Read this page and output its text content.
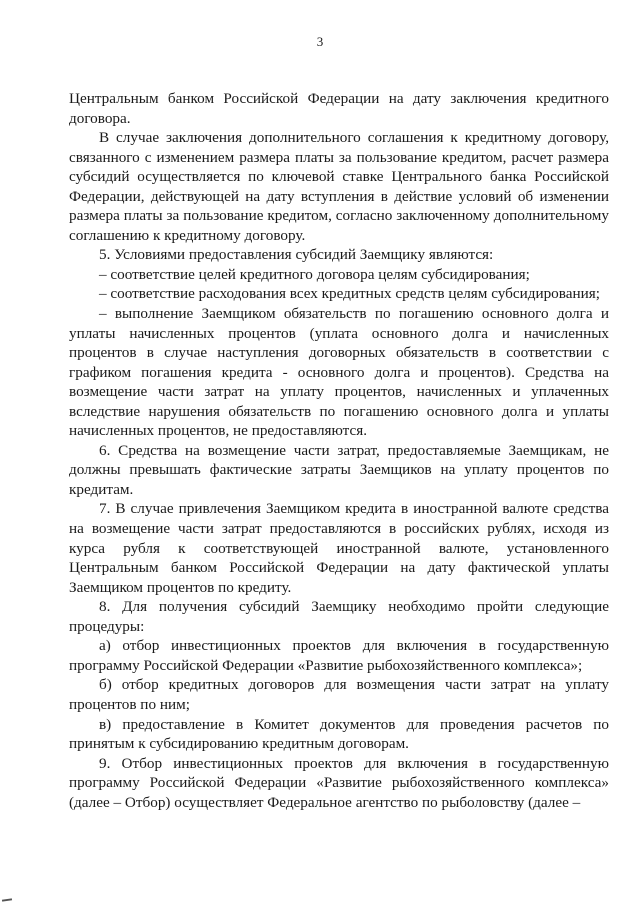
3

Центральным банком Российской Федерации на дату заключения кредитного договора.

В случае заключения дополнительного соглашения к кредитному договору, связанного с изменением размера платы за пользование кредитом, расчет размера субсидий осуществляется по ключевой ставке Центрального банка Российской Федерации, действующей на дату вступления в действие условий об изменении размера платы за пользование кредитом, согласно заключенному дополнительному соглашению к кредитному договору.

5. Условиями предоставления субсидий Заемщику являются:

– соответствие целей кредитного договора целям субсидирования;

– соответствие расходования всех кредитных средств целям субсидирования;

– выполнение Заемщиком обязательств по погашению основного долга и уплаты начисленных процентов (уплата основного долга и начисленных процентов в случае наступления договорных обязательств в соответствии с графиком погашения кредита - основного долга и процентов). Средства на возмещение части затрат на уплату процентов, начисленных и уплаченных вследствие нарушения обязательств по погашению основного долга и уплаты начисленных процентов, не предоставляются.

6. Средства на возмещение части затрат, предоставляемые Заемщикам, не должны превышать фактические затраты Заемщиков на уплату процентов по кредитам.

7. В случае привлечения Заемщиком кредита в иностранной валюте средства на возмещение части затрат предоставляются в российских рублях, исходя из курса рубля к соответствующей иностранной валюте, установленного Центральным банком Российской Федерации на дату фактической уплаты Заемщиком процентов по кредиту.

8. Для получения субсидий Заемщику необходимо пройти следующие процедуры:

а) отбор инвестиционных проектов для включения в государственную программу Российской Федерации «Развитие рыбохозяйственного комплекса»;

б) отбор кредитных договоров для возмещения части затрат на уплату процентов по ним;

в) предоставление в Комитет документов для проведения расчетов по принятым к субсидированию кредитным договорам.

9. Отбор инвестиционных проектов для включения в государственную программу Российской Федерации «Развитие рыбохозяйственного комплекса» (далее – Отбор) осуществляет Федеральное агентство по рыболовству (далее –
